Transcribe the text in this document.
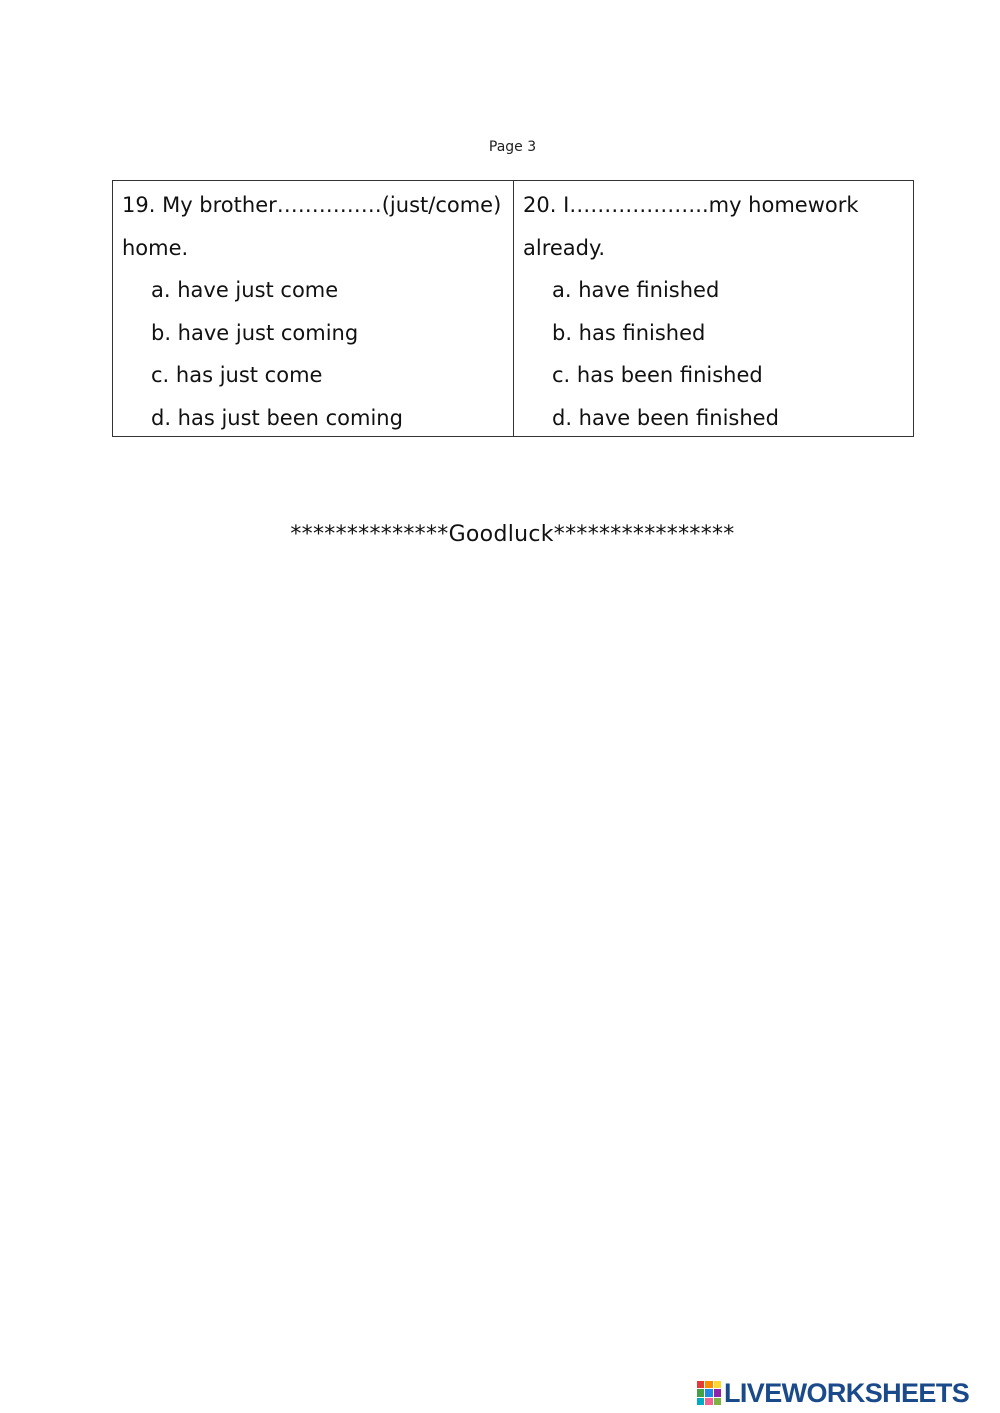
Page 3
19. My brother……………(just/come)
home.
a. have just come
b. have just coming
c. has just come
d. has just been coming
20. I………………..my homework
already.
a. have finished
b. has finished
c. has been finished
d. have been finished
**************Goodluck****************
LIVEWORKSHEETS
